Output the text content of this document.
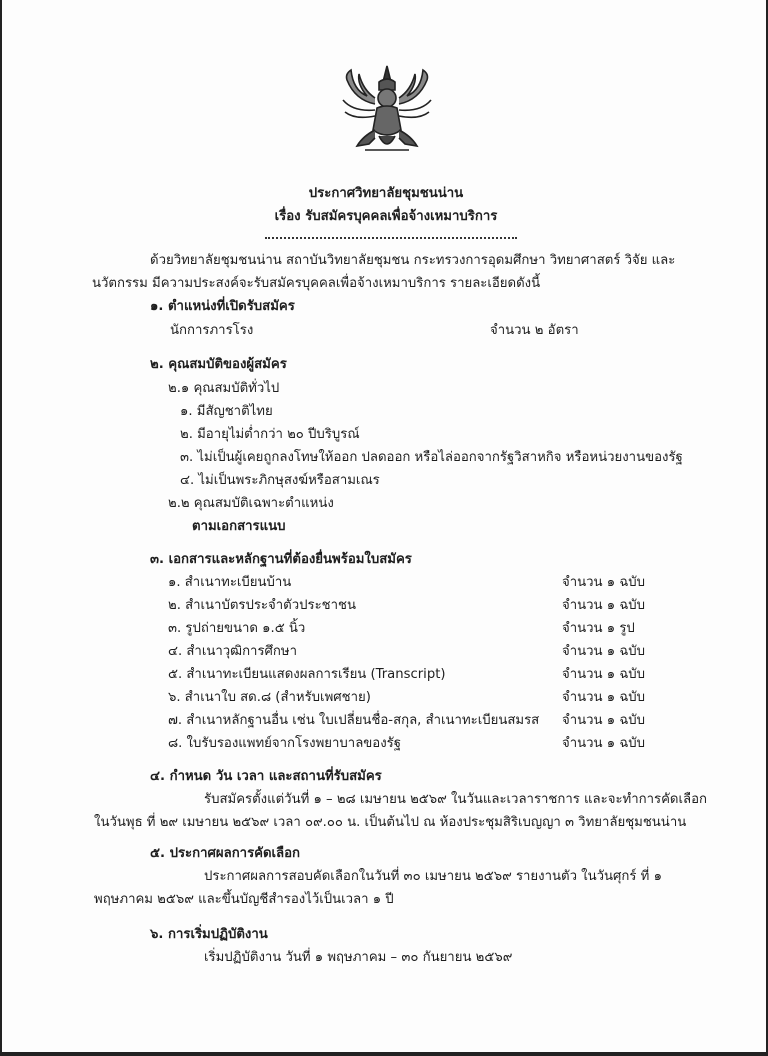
ประกาศวิทยาลัยชุมชนน่าน
เรื่อง รับสมัครบุคคลเพื่อจ้างเหมาบริการ
ด้วยวิทยาลัยชุมชนน่าน สถาบันวิทยาลัยชุมชน กระทรวงการอุดมศึกษา วิทยาศาสตร์ วิจัย และ
นวัตกรรม มีความประสงค์จะรับสมัครบุคคลเพื่อจ้างเหมาบริการ รายละเอียดดังนี้
๑. ตำแหน่งที่เปิดรับสมัคร
นักการภารโรง	จำนวน ๒ อัตรา
๒. คุณสมบัติของผู้สมัคร
๒.๑ คุณสมบัติทั่วไป
๑. มีสัญชาติไทย
๒. มีอายุไม่ต่ำกว่า ๒๐ ปีบริบูรณ์
๓. ไม่เป็นผู้เคยถูกลงโทษให้ออก ปลดออก หรือไล่ออกจากรัฐวิสาหกิจ หรือหน่วยงานของรัฐ
๔. ไม่เป็นพระภิกษุสงฆ์หรือสามเณร
๒.๒ คุณสมบัติเฉพาะตำแหน่ง
ตามเอกสารแนบ
๓. เอกสารและหลักฐานที่ต้องยื่นพร้อมใบสมัคร
๑. สำเนาทะเบียนบ้าน	จำนวน ๑ ฉบับ
๒. สำเนาบัตรประจำตัวประชาชน	จำนวน ๑ ฉบับ
๓. รูปถ่ายขนาด ๑.๕ นิ้ว	จำนวน ๑ รูป
๔. สำเนาวุฒิการศึกษา	จำนวน ๑ ฉบับ
๕. สำเนาทะเบียนแสดงผลการเรียน (Transcript)	จำนวน ๑ ฉบับ
๖. สำเนาใบ สด.๘ (สำหรับเพศชาย)	จำนวน ๑ ฉบับ
๗. สำเนาหลักฐานอื่น เช่น ใบเปลี่ยนชื่อ-สกุล, สำเนาทะเบียนสมรส จำนวน ๑ ฉบับ
๘. ใบรับรองแพทย์จากโรงพยาบาลของรัฐ	จำนวน ๑ ฉบับ
๔. กำหนด วัน เวลา และสถานที่รับสมัคร
รับสมัครตั้งแต่วันที่ ๑ – ๒๘ เมษายน ๒๕๖๙ ในวันและเวลาราชการ และจะทำการคัดเลือก
ในวันพุธ ที่ ๒๙ เมษายน ๒๕๖๙ เวลา ๐๙.๐๐ น. เป็นต้นไป ณ ห้องประชุมสิริเบญญา ๓ วิทยาลัยชุมชนน่าน
๕. ประกาศผลการคัดเลือก
ประกาศผลการสอบคัดเลือกในวันที่ ๓๐ เมษายน ๒๕๖๙ รายงานตัว ในวันศุกร์ ที่ ๑
พฤษภาคม ๒๕๖๙ และขึ้นบัญชีสำรองไว้เป็นเวลา ๑ ปี
๖. การเริ่มปฏิบัติงาน
เริ่มปฏิบัติงาน วันที่ ๑ พฤษภาคม – ๓๐ กันยายน ๒๕๖๙
